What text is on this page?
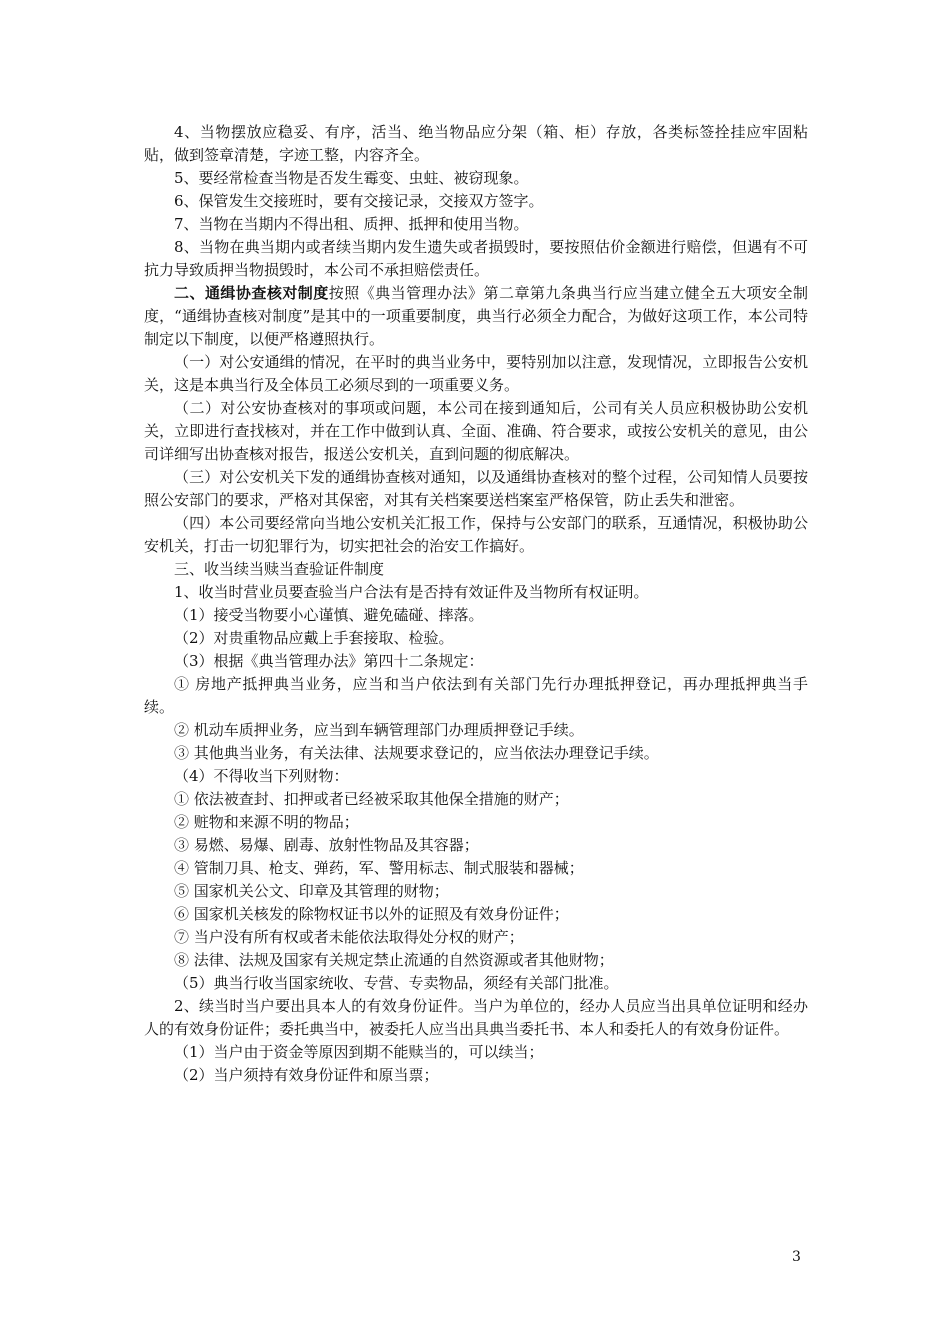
4、当物摆放应稳妥、有序，活当、绝当物品应分架（箱、柜）存放，各类标签拴挂应牢固粘贴，做到签章清楚，字迹工整，内容齐全。

5、要经常检查当物是否发生霉变、虫蛀、被窃现象。

6、保管发生交接班时，要有交接记录，交接双方签字。

7、当物在当期内不得出租、质押、抵押和使用当物。

8、当物在典当期内或者续当期内发生遗失或者损毁时，要按照估价金额进行赔偿，但遇有不可抗力导致质押当物损毁时，本公司不承担赔偿责任。

二、通缉协查核对制度按照《典当管理办法》第二章第九条典当行应当建立健全五大项安全制度，“通缉协查核对制度”是其中的一项重要制度，典当行必须全力配合，为做好这项工作，本公司特制定以下制度，以便严格遵照执行。

（一）对公安通缉的情况，在平时的典当业务中，要特别加以注意，发现情况，立即报告公安机关，这是本典当行及全体员工必须尽到的一项重要义务。

（二）对公安协查核对的事项或问题，本公司在接到通知后，公司有关人员应积极协助公安机关，立即进行查找核对，并在工作中做到认真、全面、准确、符合要求，或按公安机关的意见，由公司详细写出协查核对报告，报送公安机关，直到问题的彻底解决。

（三）对公安机关下发的通缉协查核对通知，以及通缉协查核对的整个过程，公司知情人员要按照公安部门的要求，严格对其保密，对其有关档案要送档案室严格保管，防止丢失和泄密。

（四）本公司要经常向当地公安机关汇报工作，保持与公安部门的联系，互通情况，积极协助公安机关，打击一切犯罪行为，切实把社会的治安工作搞好。

三、收当续当赎当查验证件制度

1、收当时营业员要查验当户合法有是否持有效证件及当物所有权证明。

（1）接受当物要小心谨慎、避免磕碰、摔落。

（2）对贵重物品应戴上手套接取、检验。

（3）根据《典当管理办法》第四十二条规定：

① 房地产抵押典当业务，应当和当户依法到有关部门先行办理抵押登记，再办理抵押典当手续。

② 机动车质押业务，应当到车辆管理部门办理质押登记手续。

③ 其他典当业务，有关法律、法规要求登记的，应当依法办理登记手续。

（4）不得收当下列财物：

① 依法被查封、扣押或者已经被采取其他保全措施的财产；

② 赃物和来源不明的物品；

③ 易燃、易爆、剧毒、放射性物品及其容器；

④ 管制刀具、枪支、弹药，军、警用标志、制式服装和器械；

⑤ 国家机关公文、印章及其管理的财物；

⑥ 国家机关核发的除物权证书以外的证照及有效身份证件；

⑦ 当户没有所有权或者未能依法取得处分权的财产；

⑧ 法律、法规及国家有关规定禁止流通的自然资源或者其他财物；

（5）典当行收当国家统收、专营、专卖物品，须经有关部门批准。

2、续当时当户要出具本人的有效身份证件。当户为单位的，经办人员应当出具单位证明和经办人的有效身份证件；委托典当中，被委托人应当出具典当委托书、本人和委托人的有效身份证件。

（1）当户由于资金等原因到期不能赎当的，可以续当；

（2）当户须持有效身份证件和原当票；

3
